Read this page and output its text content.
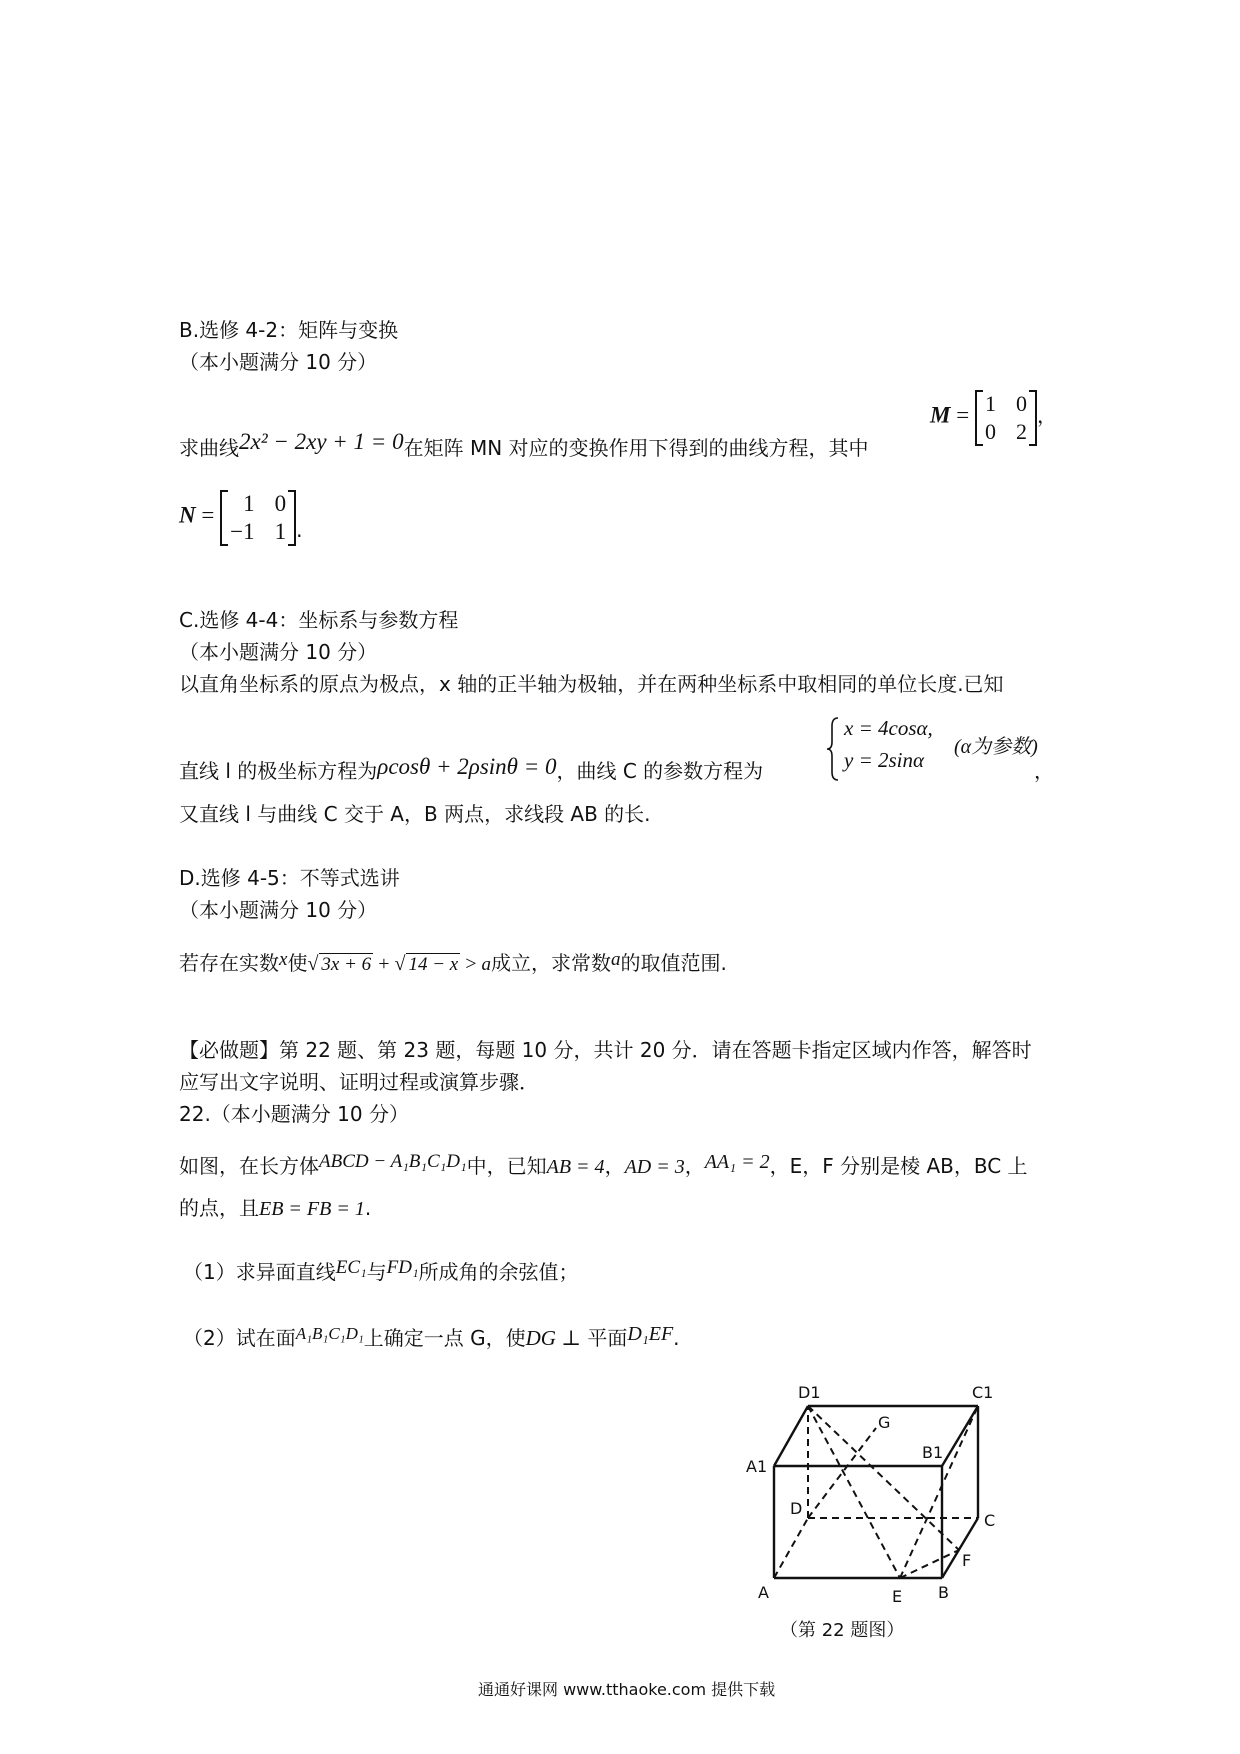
B.选修 4-2：矩阵与变换
（本小题满分 10 分）
求曲线2x² − 2xy + 1 = 0在矩阵 MN 对应的变换作用下得到的曲线方程，其中
M = 1	0
0	2
，
N = 1	0
−1	1 .
C.选修 4-4：坐标系与参数方程
（本小题满分 10 分）
以直角坐标系的原点为极点，x 轴的正半轴为极轴，并在两种坐标系中取相同的单位长度.已知
直线 l 的极坐标方程为ρcosθ + 2ρsinθ = 0，曲线 C 的参数方程为
x = 4cosα,
y = 2sinα
(α为参数)
，
又直线 l 与曲线 C 交于 A，B 两点，求线段 AB 的长.
D.选修 4-5：不等式选讲
（本小题满分 10 分）
若存在实数x使√ 3x + 6 + √ 14 − x > a成立，求常数a的取值范围.
【必做题】第 22 题、第 23 题，每题 10 分，共计 20 分．请在答题卡指定区域内作答，解答时
应写出文字说明、证明过程或演算步骤．
22.（本小题满分 10 分）
如图，在长方体ABCD − A₁B₁C₁D₁中，已知AB = 4，AD = 3，AA₁ = 2，E，F 分别是棱 AB，BC 上
的点，且EB = FB = 1.
（1）求异面直线EC₁与FD₁所成角的余弦值；
（2）试在面$^{A_1B_1C_1D_1}$上确定一点 G，使DG ⊥ 平面D₁EF.
D1	C1
G
B1
A1
D
C
F
A	E B
（第 22 题图）
通通好课网 www.tthaoke.com 提供下载
